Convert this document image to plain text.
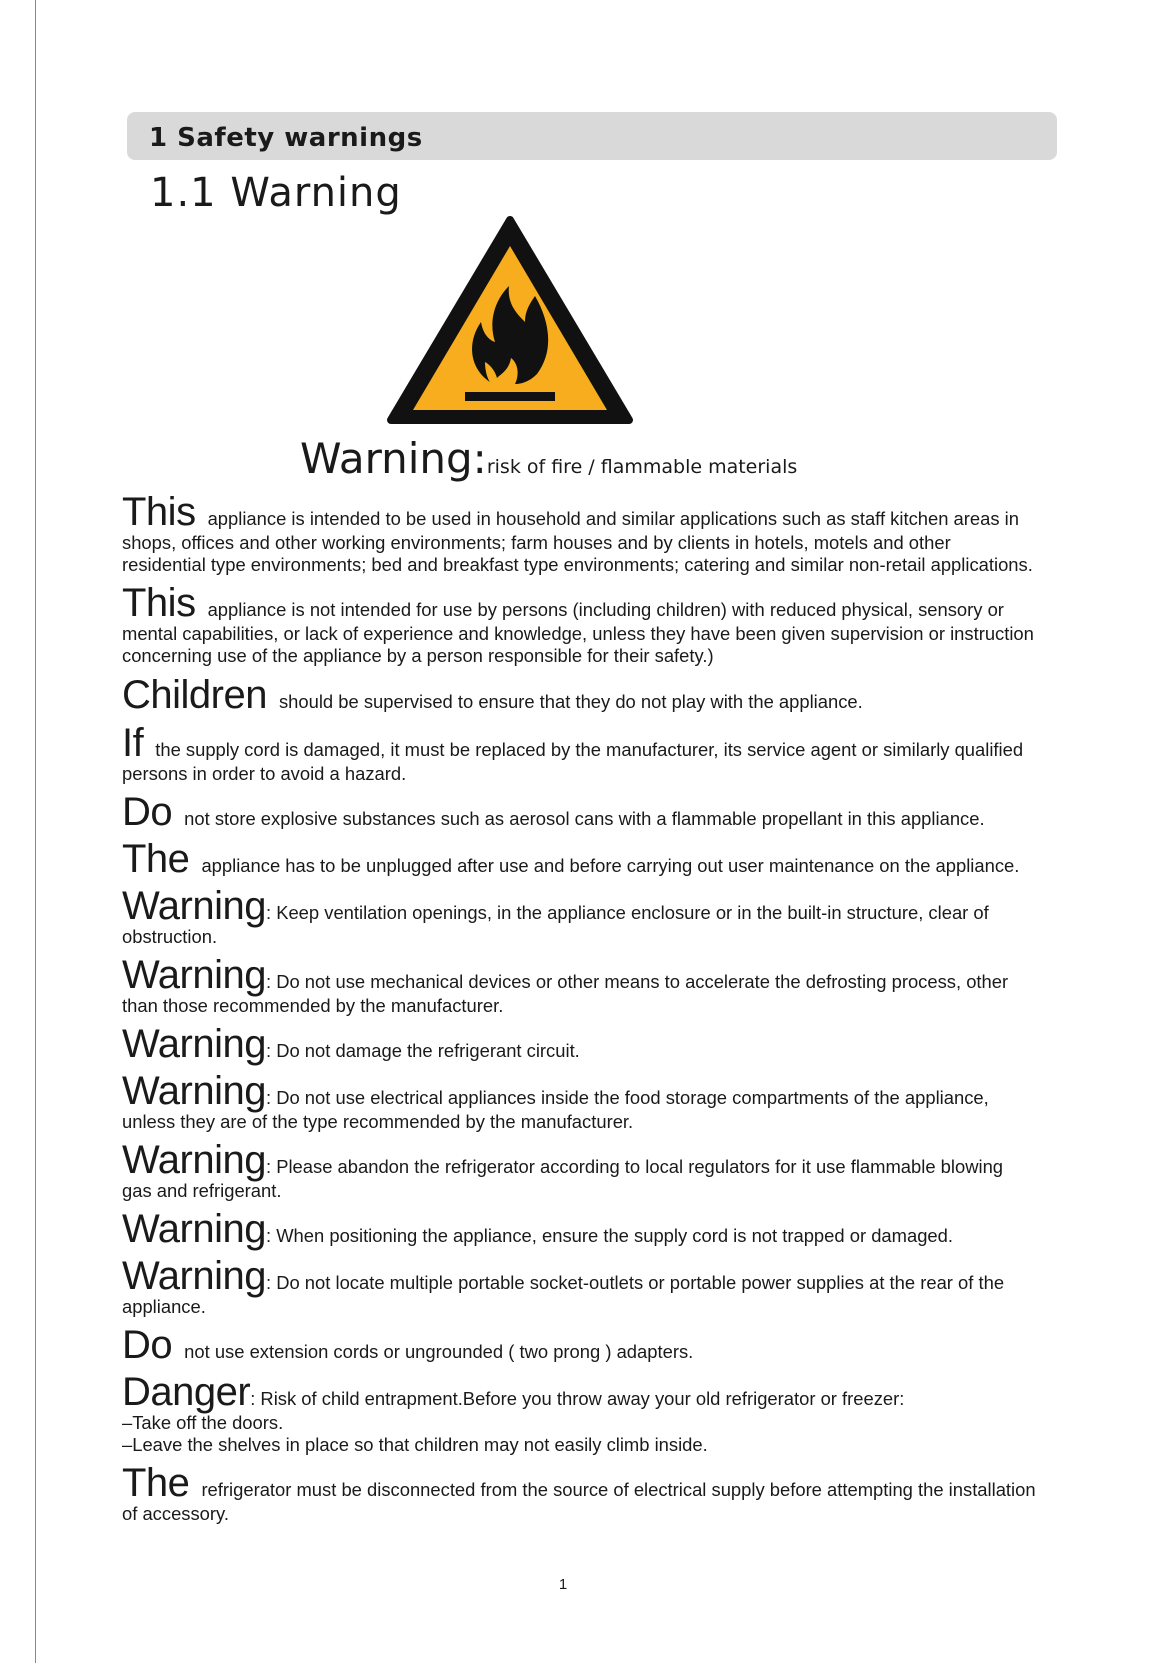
1 Safety warnings
1.1 Warning
Warning:risk of fire / flammable materials

This appliance is intended to be used in household and similar applications such as staff kitchen areas in shops, offices and other working environments; farm houses and by clients in hotels, motels and other residential type environments; bed and breakfast type environments; catering and similar non-retail applications.

This appliance is not intended for use by persons (including children) with reduced physical, sensory or mental capabilities, or lack of experience and knowledge, unless they have been given supervision or instruction concerning use of the appliance by a person responsible for their safety.)

Children should be supervised to ensure that they do not play with the appliance.

If the supply cord is damaged, it must be replaced by the manufacturer, its service agent or similarly qualified persons in order to avoid a hazard.

Do not store explosive substances such as aerosol cans with a flammable propellant in this appliance.

The appliance has to be unplugged after use and before carrying out user maintenance on the appliance.

Warning: Keep ventilation openings, in the appliance enclosure or in the built-in structure, clear of obstruction.

Warning: Do not use mechanical devices or other means to accelerate the defrosting process, other than those recommended by the manufacturer.

Warning: Do not damage the refrigerant circuit.

Warning: Do not use electrical appliances inside the food storage compartments of the appliance, unless they are of the type recommended by the manufacturer.

Warning: Please abandon the refrigerator according to local regulators for it use flammable blowing gas and refrigerant.

Warning: When positioning the appliance, ensure the supply cord is not trapped or damaged.

Warning: Do not locate multiple portable socket-outlets or portable power supplies at the rear of the appliance.

Do not use extension cords or ungrounded ( two prong ) adapters.

Danger: Risk of child entrapment.Before you throw away your old refrigerator or freezer:
–Take off the doors.
–Leave the shelves in place so that children may not easily climb inside.

The refrigerator must be disconnected from the source of electrical supply before attempting the installation of accessory.

1
